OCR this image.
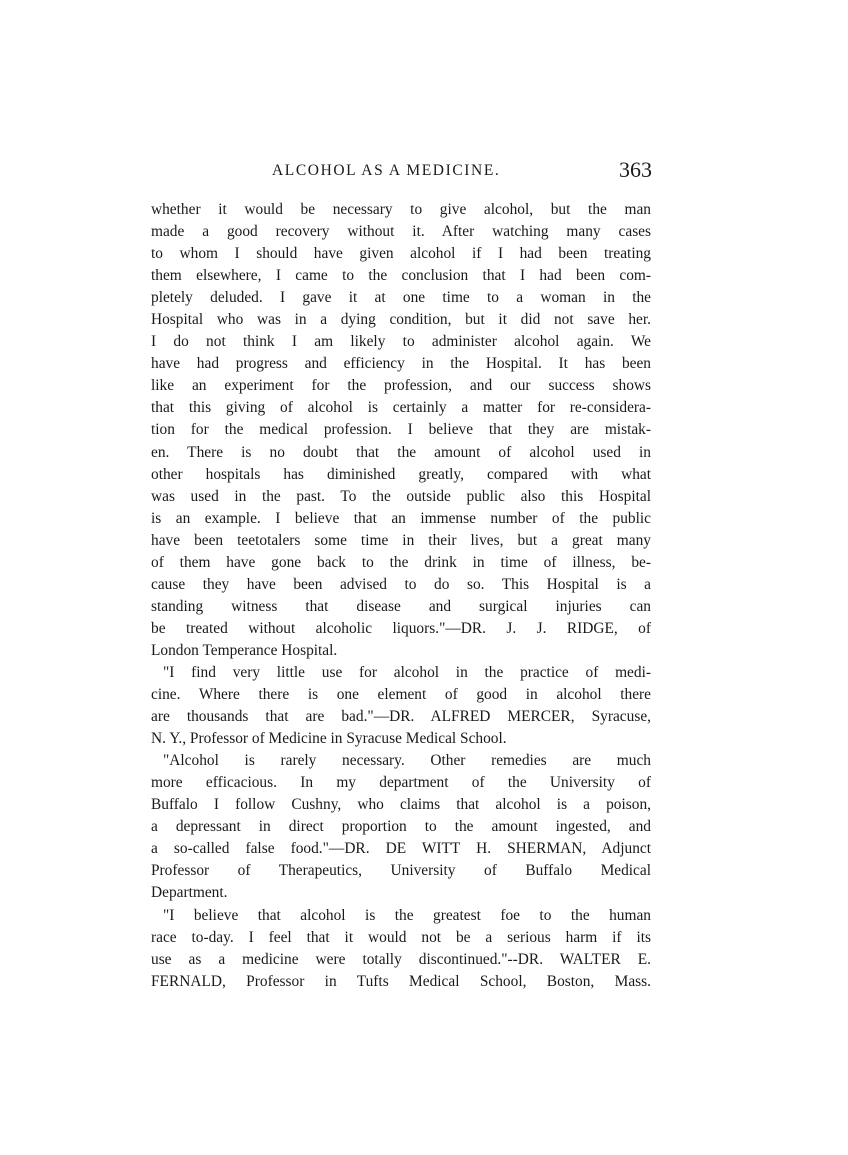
ALCOHOL AS A MEDICINE.	363
whether it would be necessary to give alcohol, but the man
made a good recovery without it. After watching many cases
to whom I should have given alcohol if I had been treating
them elsewhere, I came to the conclusion that I had been com-
pletely deluded. I gave it at one time to a woman in the
Hospital who was in a dying condition, but it did not save her.
I do not think I am likely to administer alcohol again. We
have had progress and efficiency in the Hospital. It has been
like an experiment for the profession, and our success shows
that this giving of alcohol is certainly a matter for re-considera-
tion for the medical profession. I believe that they are mistak-
en. There is no doubt that the amount of alcohol used in
other hospitals has diminished greatly, compared with what
was used in the past. To the outside public also this Hospital
is an example. I believe that an immense number of the public
have been teetotalers some time in their lives, but a great many
of them have gone back to the drink in time of illness, be-
cause they have been advised to do so. This Hospital is a
standing witness that disease and surgical injuries can
be treated without alcoholic liquors."—DR. J. J. RIDGE, of
London Temperance Hospital.
"I find very little use for alcohol in the practice of medi-
cine. Where there is one element of good in alcohol there
are thousands that are bad."—DR. ALFRED MERCER, Syracuse,
N. Y., Professor of Medicine in Syracuse Medical School.
"Alcohol is rarely necessary. Other remedies are much
more efficacious. In my department of the University of
Buffalo I follow Cushny, who claims that alcohol is a poison,
a depressant in direct proportion to the amount ingested, and
a so-called false food."—DR. DE WITT H. SHERMAN, Adjunct
Professor of Therapeutics, University of Buffalo Medical
Department.
"I believe that alcohol is the greatest foe to the human
race to-day. I feel that it would not be a serious harm if its
use as a medicine were totally discontinued."--DR. WALTER E.
FERNALD, Professor in Tufts Medical School, Boston, Mass.
